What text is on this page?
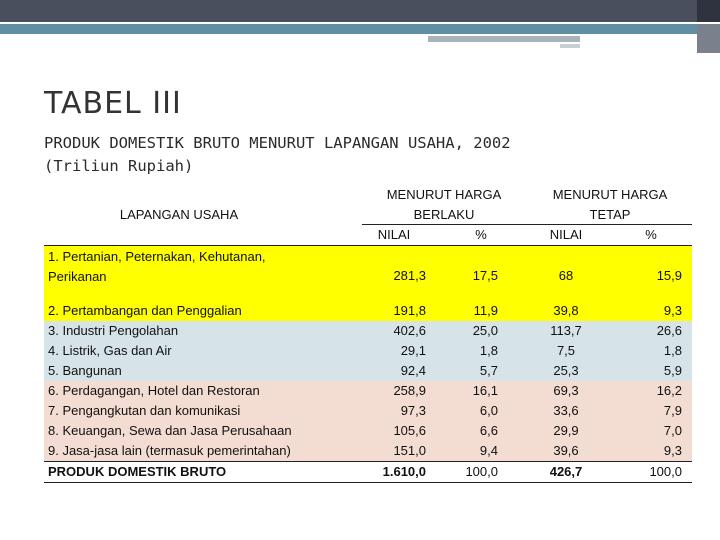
TABEL III
PRODUK DOMESTIK BRUTO MENURUT LAPANGAN USAHA, 2002
(Triliun Rupiah)
LAPANGAN USAHA
MENURUT HARGA
BERLAKU
MENURUT HARGA
TETAP
NILAI	%	NILAI	%
1. Pertanian, Peternakan, Kehutanan,
Perikanan	281,3	17,5	68	15,9
2. Pertambangan dan Penggalian	191,8	11,9	39,8	9,3
3. Industri Pengolahan	402,6	25,0	113,7	26,6
4. Listrik, Gas dan Air	29,1	1,8	7,5	1,8
5. Bangunan	92,4	5,7	25,3	5,9
6. Perdagangan, Hotel dan Restoran	258,9	16,1	69,3	16,2
7. Pengangkutan dan komunikasi	97,3	6,0	33,6	7,9
8. Keuangan, Sewa dan Jasa Perusahaan	105,6	6,6	29,9	7,0
9. Jasa-jasa lain (termasuk pemerintahan)	151,0	9,4	39,6	9,3
PRODUK DOMESTIK BRUTO	1.610,0	100,0	426,7	100,0
